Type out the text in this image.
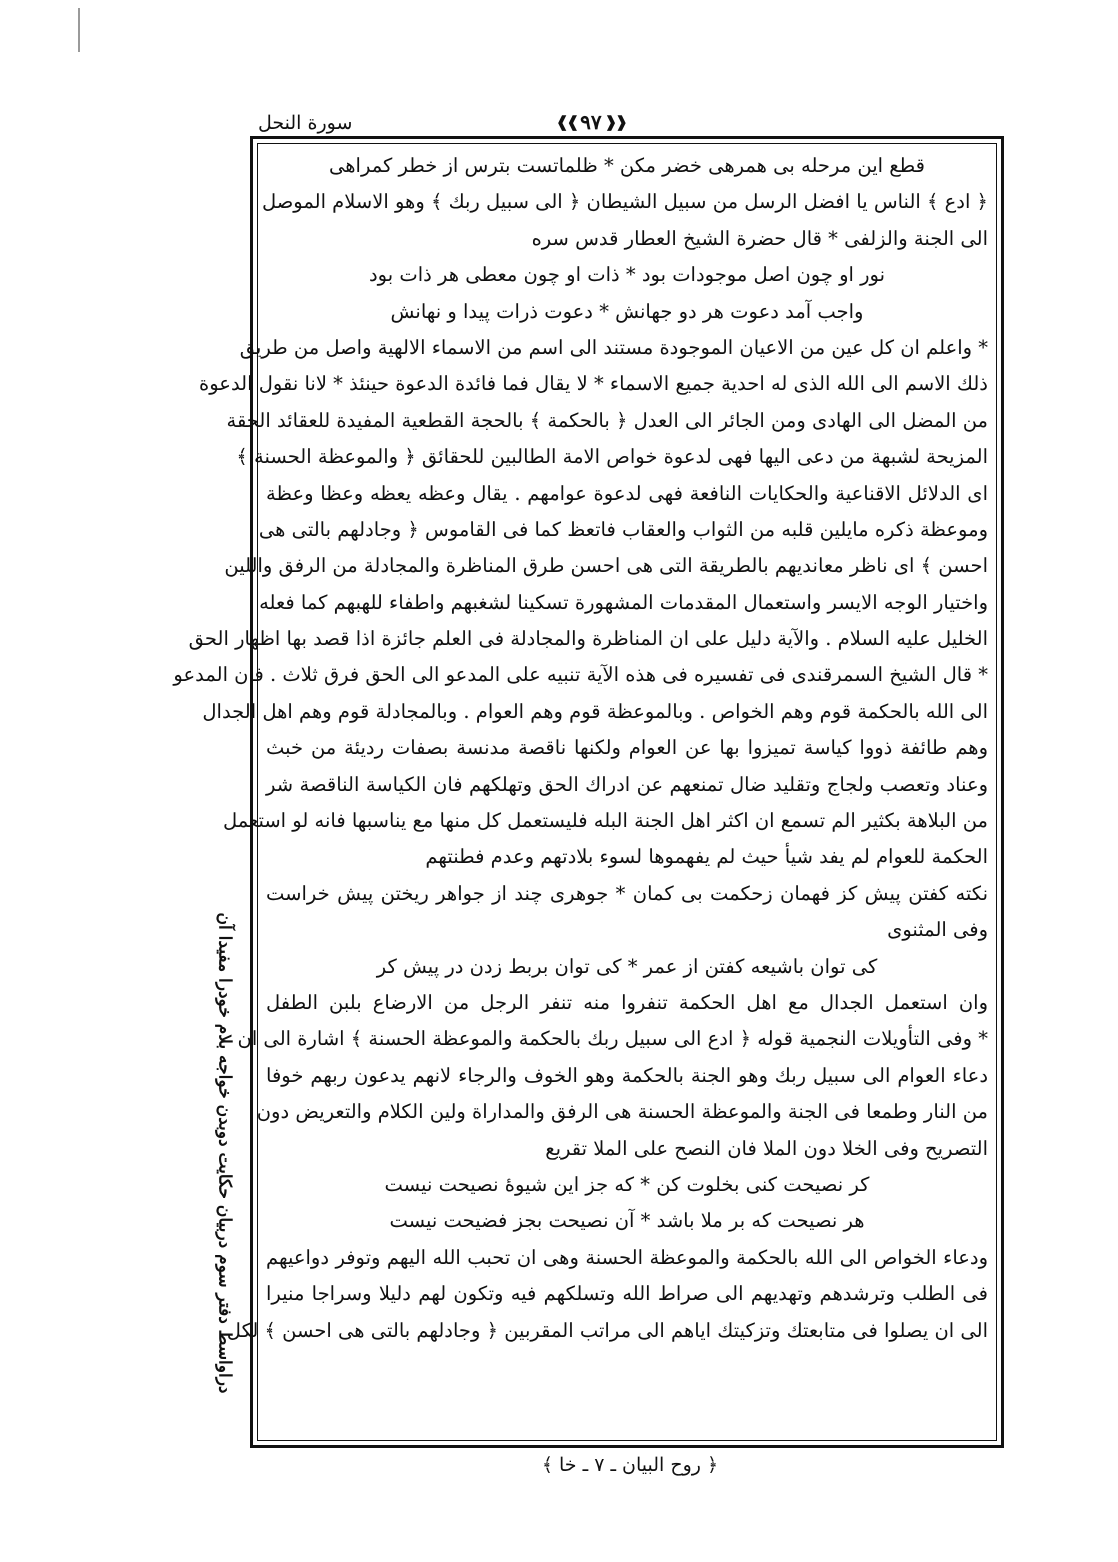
سورة النحل	❰❰ ٩٧ ❱❱
قطع اين مرحله بى همرهى خضر مكن * ظلماتست بترس از خطر كمراهى
﴿ ادع ﴾ الناس يا افضل الرسل من سبيل الشيطان ﴿ الى سبيل ربك ﴾ وهو الاسلام الموصل
الى الجنة والزلفى * قال حضرة الشيخ العطار قدس سره
نور او چون اصل موجودات بود * ذات او چون معطى هر ذات بود
واجب آمد دعوت هر دو جهانش * دعوت ذرات پيدا و نهانش
* واعلم ان كل عين من الاعيان الموجودة مستند الى اسم من الاسماء الالهية واصل من طريق
ذلك الاسم الى الله الذى له احدية جميع الاسماء * لا يقال فما فائدة الدعوة حينئذ * لانا نقول الدعوة
من المضل الى الهادى ومن الجائر الى العدل ﴿ بالحكمة ﴾ بالحجة القطعية المفيدة للعقائد الحقة
المزيحة لشبهة من دعى اليها فهى لدعوة خواص الامة الطالبين للحقائق ﴿ والموعظة الحسنة ﴾
اى الدلائل الاقناعية والحكايات النافعة فهى لدعوة عوامهم . يقال وعظه يعظه وعظا وعظة
وموعظة ذكره مايلين قلبه من الثواب والعقاب فاتعظ كما فى القاموس ﴿ وجادلهم بالتى هى
احسن ﴾ اى ناظر معانديهم بالطريقة التى هى احسن طرق المناظرة والمجادلة من الرفق واللين
واختيار الوجه الايسر واستعمال المقدمات المشهورة تسكينا لشغبهم واطفاء للهبهم كما فعله
الخليل عليه السلام . والآية دليل على ان المناظرة والمجادلة فى العلم جائزة اذا قصد بها اظهار الحق
* قال الشيخ السمرقندى فى تفسيره فى هذه الآية تنبيه على المدعو الى الحق فرق ثلاث . فان المدعو
الى الله بالحكمة قوم وهم الخواص . وبالموعظة قوم وهم العوام . وبالمجادلة قوم وهم اهل الجدال
وهم طائفة ذووا كياسة تميزوا بها عن العوام ولكنها ناقصة مدنسة بصفات رديئة من خبث
وعناد وتعصب ولجاج وتقليد ضال تمنعهم عن ادراك الحق وتهلكهم فان الكياسة الناقصة شر
من البلاهة بكثير الم تسمع ان اكثر اهل الجنة البله فليستعمل كل منها مع يناسبها فانه لو استعمل
الحكمة للعوام لم يفد شيأ حيث لم يفهموها لسوء بلادتهم وعدم فطنتهم
نكته كفتن پيش كز فهمان زحكمت بى كمان * جوهرى چند از جواهر ريختن پيش خراست
وفى المثنوى
كى توان باشيعه كفتن از عمر * كى توان بربط زدن در پيش كر
وان استعمل الجدال مع اهل الحكمة تنفروا منه تنفر الرجل من الارضاع بلبن الطفل
* وفى التأويلات النجمية قوله ﴿ ادع الى سبيل ربك بالحكمة والموعظة الحسنة ﴾ اشارة الى ان
دعاء العوام الى سبيل ربك وهو الجنة بالحكمة وهو الخوف والرجاء لانهم يدعون ربهم خوفا
من النار وطمعا فى الجنة والموعظة الحسنة هى الرفق والمداراة ولين الكلام والتعريض دون
التصريح وفى الخلا دون الملا فان النصح على الملا تقريع
كر نصيحت كنى بخلوت كن * كه جز اين شيوهٔ نصيحت نيست
هر نصيحت كه بر ملا باشد * آن نصيحت بجز فضيحت نيست
ودعاء الخواص الى الله بالحكمة والموعظة الحسنة وهى ان تحبب الله اليهم وتوفر دواعيهم
فى الطلب وترشدهم وتهديهم الى صراط الله وتسلكهم فيه وتكون لهم دليلا وسراجا منيرا
الى ان يصلوا فى متابعتك وتزكيتك اياهم الى مراتب المقربين ﴿ وجادلهم بالتى هى احسن ﴾ لكل
دراواسط دفتر سوم دربيان حكايت دوبدن خواجه بلام خودرا مفيدا آن
﴿ روح البيان ـ ٧ ـ خا ﴾
